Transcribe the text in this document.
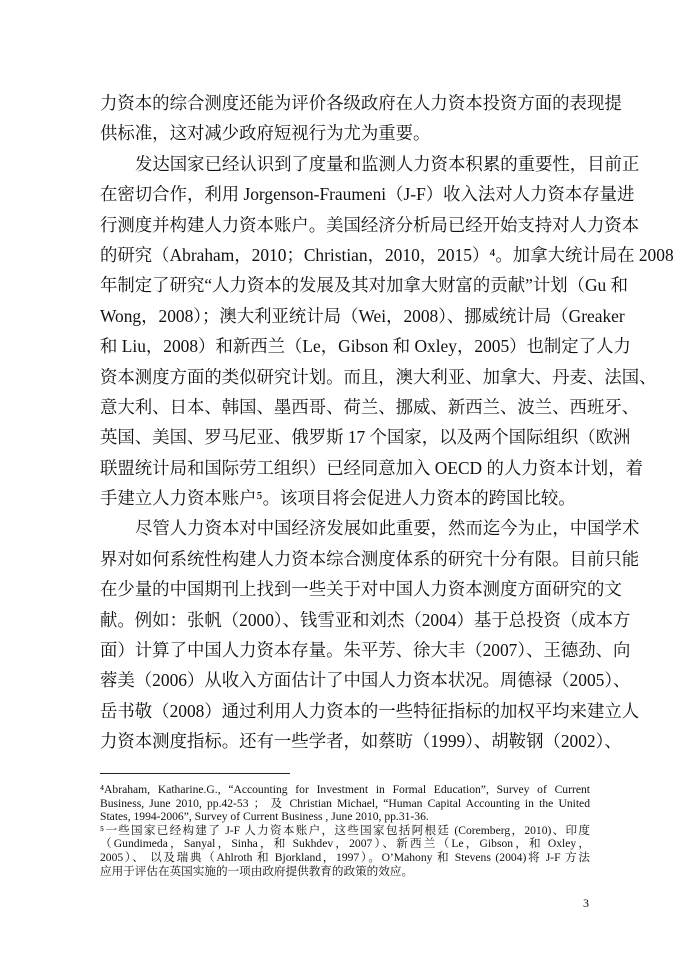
力资本的综合测度还能为评价各级政府在人力资本投资方面的表现提
供标准，这对减少政府短视行为尤为重要。
发达国家已经认识到了度量和监测人力资本积累的重要性，目前正
在密切合作，利用 Jorgenson-Fraumeni（J-F）收入法对人力资本存量进
行测度并构建人力资本账户。美国经济分析局已经开始支持对人力资本
的研究（Abraham，2010；Christian，2010，2015）⁴。加拿大统计局在 2008
年制定了研究“人力资本的发展及其对加拿大财富的贡献”计划（Gu 和
Wong，2008）；澳大利亚统计局（Wei，2008）、挪威统计局（Greaker
和 Liu，2008）和新西兰（Le，Gibson 和 Oxley，2005）也制定了人力
资本测度方面的类似研究计划。而且，澳大利亚、加拿大、丹麦、法国、
意大利、日本、韩国、墨西哥、荷兰、挪威、新西兰、波兰、西班牙、
英国、美国、罗马尼亚、俄罗斯 17 个国家，以及两个国际组织（欧洲
联盟统计局和国际劳工组织）已经同意加入 OECD 的人力资本计划，着
手建立人力资本账户⁵。该项目将会促进人力资本的跨国比较。
尽管人力资本对中国经济发展如此重要，然而迄今为止，中国学术
界对如何系统性构建人力资本综合测度体系的研究十分有限。目前只能
在少量的中国期刊上找到一些关于对中国人力资本测度方面研究的文
献。例如：张帆（2000）、钱雪亚和刘杰（2004）基于总投资（成本方
面）计算了中国人力资本存量。朱平芳、徐大丰（2007）、王德劲、向
蓉美（2006）从收入方面估计了中国人力资本状况。周德禄（2005）、
岳书敬（2008）通过利用人力资本的一些特征指标的加权平均来建立人
力资本测度指标。还有一些学者，如蔡昉（1999）、胡鞍钢（2002）、
⁴Abraham, Katharine.G., “Accounting for Investment in Formal Education”, Survey of Current
Business, June 2010, pp.42-53 ； 及 Christian Michael, “Human Capital Accounting in the United
States, 1994-2006”, Survey of Current Business , June 2010, pp.31-36.
⁵一些国家已经构建了 J-F 人力资本账户，这些国家包括阿根廷 (Coremberg，2010)、印度
（Gundimeda，Sanyal，Sinha，和 Sukhdev，2007）、新西兰（Le，Gibson，和 Oxley，
2005）、 以及瑞典（Ahlroth 和 Bjorkland，1997）。O’Mahony 和 Stevens (2004)将 J-F 方法
应用于评估在英国实施的一项由政府提供教育的政策的效应。
3
